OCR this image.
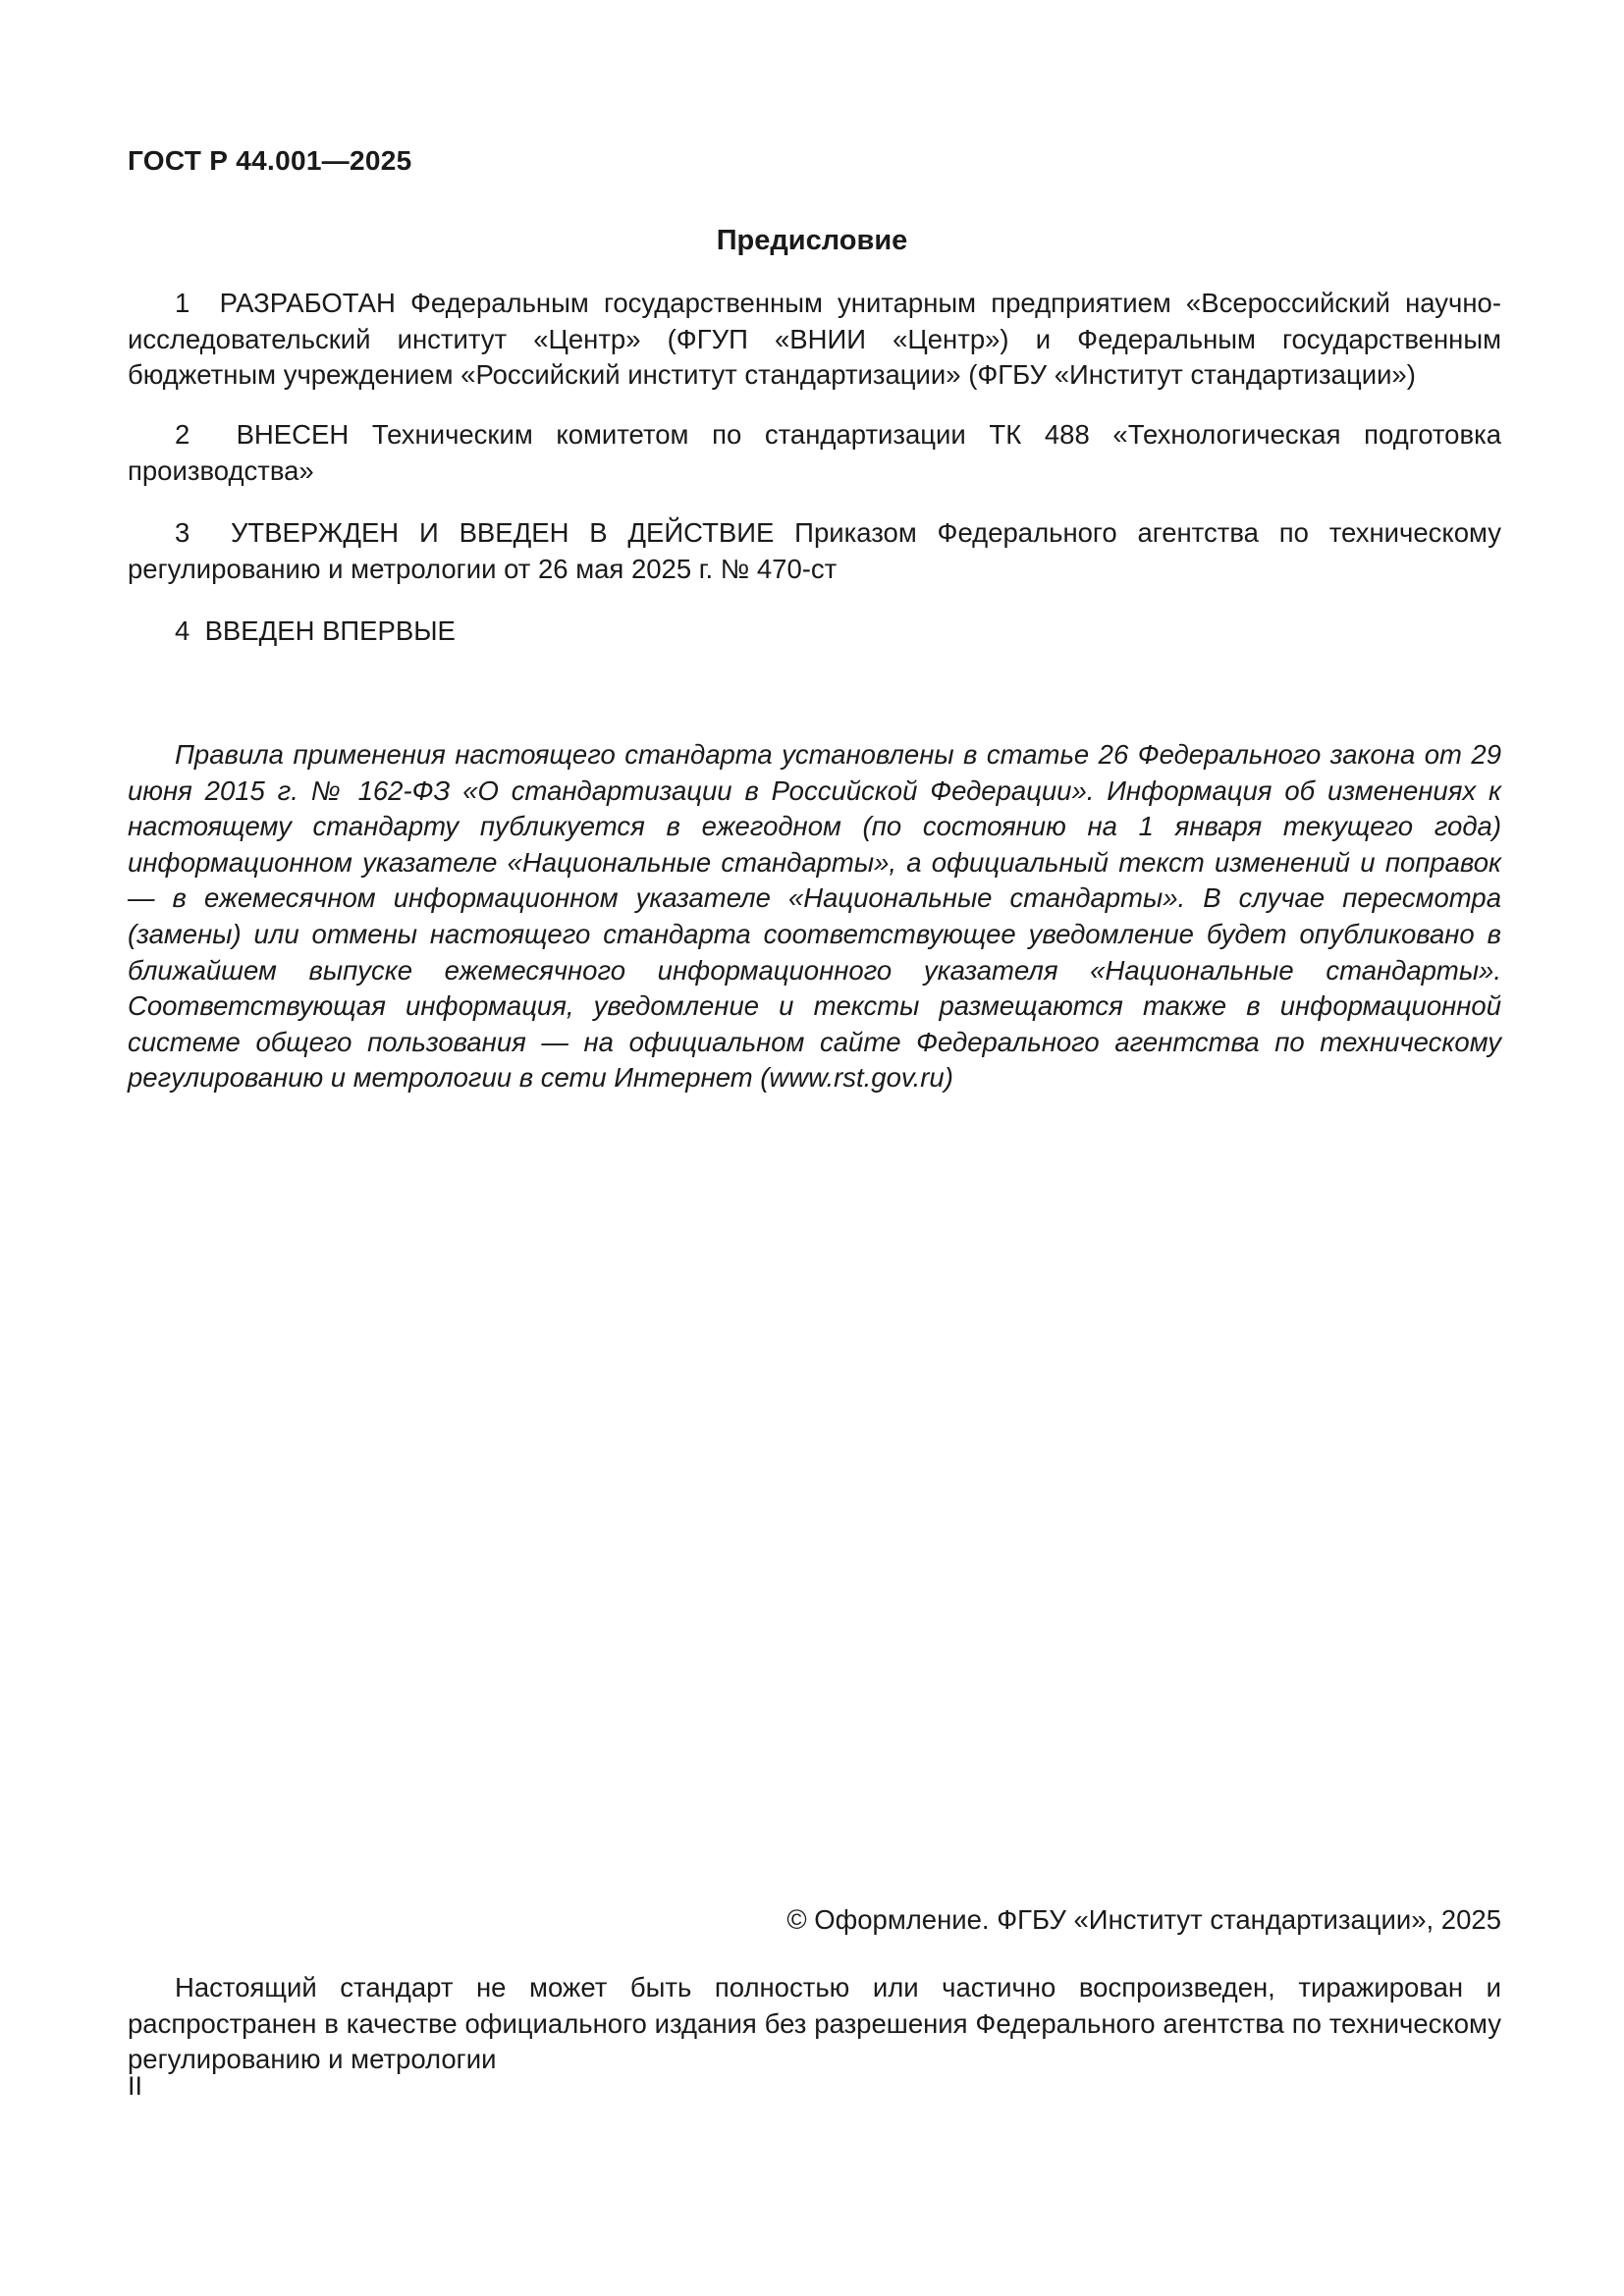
ГОСТ Р 44.001—2025
Предисловие

1  РАЗРАБОТАН Федеральным государственным унитарным предприятием «Всероссийский научно-исследовательский институт «Центр» (ФГУП «ВНИИ «Центр») и Федеральным государственным бюджетным учреждением «Российский институт стандартизации» (ФГБУ «Институт стандартизации»)

2  ВНЕСЕН Техническим комитетом по стандартизации ТК 488 «Технологическая подготовка производства»

3  УТВЕРЖДЕН И ВВЕДЕН В ДЕЙСТВИЕ Приказом Федерального агентства по техническому регулированию и метрологии от 26 мая 2025 г. № 470-ст

4  ВВЕДЕН ВПЕРВЫЕ

Правила применения настоящего стандарта установлены в статье 26 Федерального закона от 29 июня 2015 г. № 162-ФЗ «О стандартизации в Российской Федерации». Информация об изменениях к настоящему стандарту публикуется в ежегодном (по состоянию на 1 января текущего года) информационном указателе «Национальные стандарты», а официальный текст изменений и поправок — в ежемесячном информационном указателе «Национальные стандарты». В случае пересмотра (замены) или отмены настоящего стандарта соответствующее уведомление будет опубликовано в ближайшем выпуске ежемесячного информационного указателя «Национальные стандарты». Соответствующая информация, уведомление и тексты размещаются также в информационной системе общего пользования — на официальном сайте Федерального агентства по техническому регулированию и метрологии в сети Интернет (www.rst.gov.ru)

© Оформление. ФГБУ «Институт стандартизации», 2025

Настоящий стандарт не может быть полностью или частично воспроизведен, тиражирован и распространен в качестве официального издания без разрешения Федерального агентства по техническому регулированию и метрологии

II
